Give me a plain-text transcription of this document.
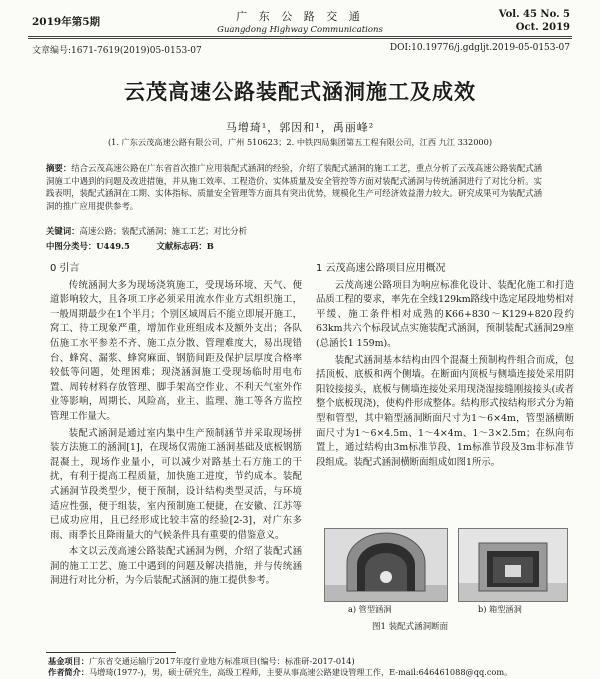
2019年第5期	广 东 公 路 交 通
Guangdong Highway Communications
Vol. 45 No. 5
Oct. 2019
文章编号:1671-7619(2019)05-0153-07	DOI:10.19776/j.gdgljt.2019-05-0153-07
云茂高速公路装配式涵洞施工及成效
马增琦¹，郭因和¹，禹丽峰²
(1. 广东云茂高速公路有限公司，广州 510623；2. 中铁四局集团第五工程有限公司，江西 九江 332000)
摘要：结合云茂高速公路在广东省首次推广应用装配式涵洞的经验，介绍了装配式涵洞的施工工艺，重点分析了云茂高速公路装配式涵洞施工中遇到的问题及改进措施，并从施工效率、工程造价、实体质量及安全管控等方面对装配式涵洞与传统涵洞进行了对比分析。实践表明，装配式涵洞在工期、实体指标、质量安全管理等方面具有突出优势，规模化生产可经济效益潜力较大。研究成果可为装配式涵洞的推广应用提供参考。
关键词：高速公路；装配式涵洞；施工工艺；对比分析
中图分类号：U449.5	文献标志码：B
0 引言

传统涵洞大多为现场浇筑施工，受现场环境、天气、便道影响较大，且各项工序必须采用流水作业方式组织施工，一般周期最少在1个半月；个别区域周后不能立即展开施工，窝工、待工现象严重，增加作业班组成本及额外支出；各队伍施工水平参差不齐、施工点分散、管理难度大，易出现错台、蜂窝、漏浆、蜂窝麻面、钢筋间距及保护层厚度合格率较低等问题，处理困难；现浇涵洞施工受现场临时用电布置、周转材料存放管理、脚手架高空作业、不利天气室外作业等影响，周期长、风险高，业主、监理、施工等各方监控管理工作量大。

装配式涵洞是通过室内集中生产预制涵节并采取现场拼装方法施工的涵洞[1]，在现场仅需施工涵洞基础及底板钢筋混凝土，现场作业量小，可以减少对路基土石方施工的干扰，有利于提高工程质量，加快施工进度，节约成本。装配式涵洞节段类型少，便于预制，设计结构类型灵活，与环境适应性强，便于组装，室内预制施工便捷，在安徽、江苏等已成功应用，且已经形成比较丰富的经验[2-3]，对广东多雨、雨季长且降雨量大的气候条件具有重要的借鉴意义。

本文以云茂高速公路装配式涵洞为例，介绍了装配式涵洞的施工工艺、施工中遇到的问题及解决措施，并与传统涵洞进行对比分析，为今后装配式涵洞的施工提供参考。

1 云茂高速公路项目应用概况

云茂高速公路项目为响应标准化设计、装配化施工和打造品质工程的要求，率先在全线129km路线中选定尾段地势相对平缓、施工条件相对成熟的K66+830～K129+820段约63km共六个标段试点实施装配式涵洞，预制装配式涵洞29座(总涵长1 159m)。

装配式涵洞基本结构由四个混凝土预制构件组合而成，包括顶板、底板和两个侧墙。在断面内顶板与侧墙连接处采用阴阳铰接接头，底板与侧墙连接处采用现浇湿接缝刚接接头(或者整个底板现浇)，使构件形成整体。结构形式按结构形式分为箱型和管型，其中箱型涵洞断面尺寸为1～6×4m，管型涵横断面尺寸为1～6×4.5m、1～4×4m、1～3×2.5m；在纵向布置上，通过结构由3m标准节段、1m标准节段及3m非标准节段组成。装配式涵洞横断面组成如图1所示。

a) 管型涵洞	b) 箱型涵洞
图1 装配式涵洞断面
基金项目：广东省交通运输厅2017年度行业地方标准项目(编号：标准研-2017-014)
作者简介：马增琦(1977-)，男，硕士研究生，高级工程师，主要从事高速公路建设管理工作，E-mail:646461088@qq.com。
